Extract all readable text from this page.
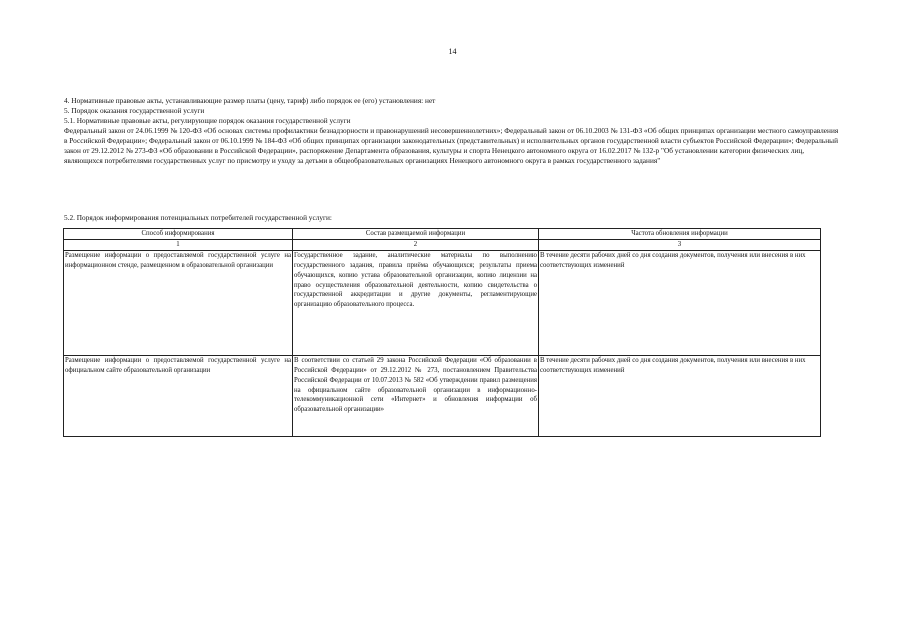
14

4. Нормативные правовые акты, устанавливающие размер платы (цену, тариф) либо порядок ее (его) установления: нет

5. Порядок оказания государственной услуги

5.1. Нормативные правовые акты, регулирующие порядок оказания государственной услуги

Федеральный закон от 24.06.1999 № 120-ФЗ «Об основах системы профилактики безнадзорности и правонарушений несовершеннолетних»; Федеральный закон от 06.10.2003 № 131-ФЗ «Об общих принципах организации местного самоуправления в Российской Федерации»; Федеральный закон от 06.10.1999 № 184-ФЗ «Об общих принципах организации законодательных (представительных) и исполнительных органов государственной власти субъектов Российской Федерации»; Федеральный закон от 29.12.2012 № 273-ФЗ «Об образовании в Российской Федерации», распоряжение Департамента образования, культуры и спорта Ненецкого автономного округа от 16.02.2017 № 132-р "Об установлении категории физических лиц, являющихся потребителями государственных услуг по присмотру и уходу за детьми в общеобразовательных организациях Ненецкого автономного округа в рамках государственного задания"

5.2. Порядок информирования потенциальных потребителей государственной услуги:
Способ информирования	Состав размещаемой информации	Частота обновления информации
1	2	3
Размещение информации о предоставляемой государственной услуге на информационном стенде, размещенном в образовательной организации	Государственное задание, аналитические материалы по выполнению государственного задания, правила приёма обучающихся; результаты приема обучающихся, копию устава образовательной организации, копию лицензии на право осуществления образовательной деятельности, копию свидетельства о государственной аккредитации и другие документы, регламентирующие организацию образовательного процесса.	В течение десяти рабочих дней со дня создания документов, получения или внесения в них соответствующих изменений
Размещение информации о предоставляемой государственной услуге на официальном сайте образовательной организации	В соответствии со статьей 29 закона Российской Федерации «Об образовании в Российской Федерации» от 29.12.2012 № 273, постановлением Правительства Российской Федерации от 10.07.2013 № 582 «Об утверждении правил размещения на официальном сайте образовательной организации в информационно-телекоммуникационной сети «Интернет» и обновления информации об образовательной организации»	В течение десяти рабочих дней со дня создания документов, получения или внесения в них соответствующих изменений
